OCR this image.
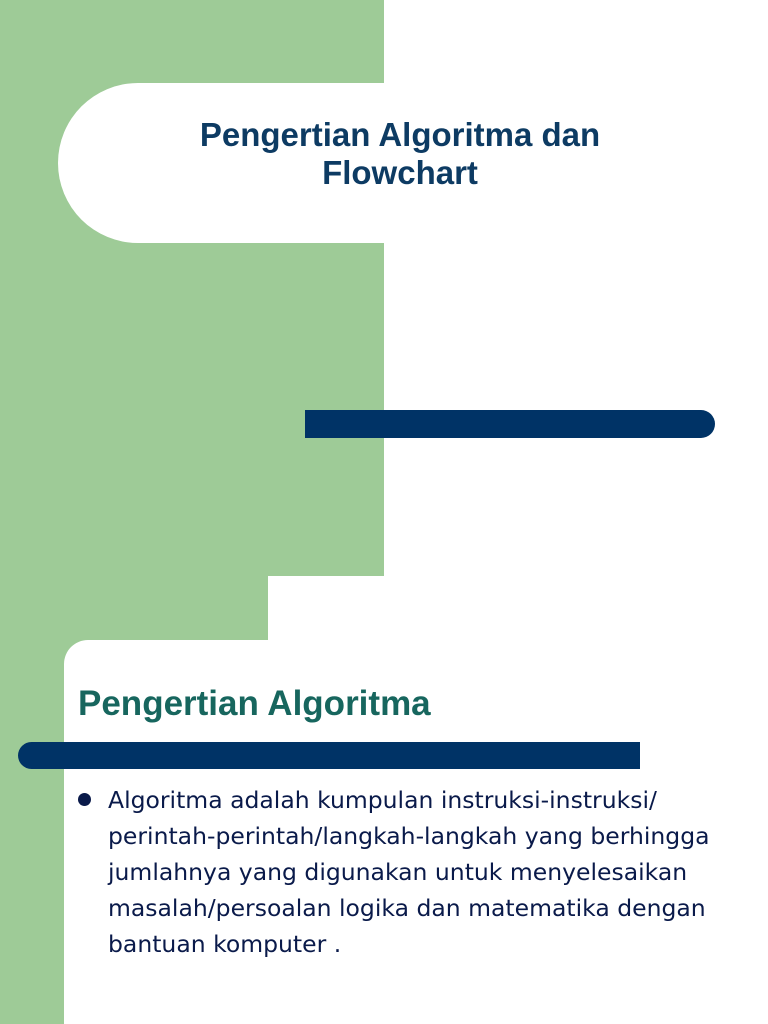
Pengertian Algoritma dan Flowchart
Pengertian Algoritma
Algoritma adalah kumpulan instruksi-instruksi/ perintah-perintah/langkah-langkah yang berhingga jumlahnya yang digunakan untuk menyelesaikan masalah/persoalan logika dan matematika dengan bantuan komputer .
